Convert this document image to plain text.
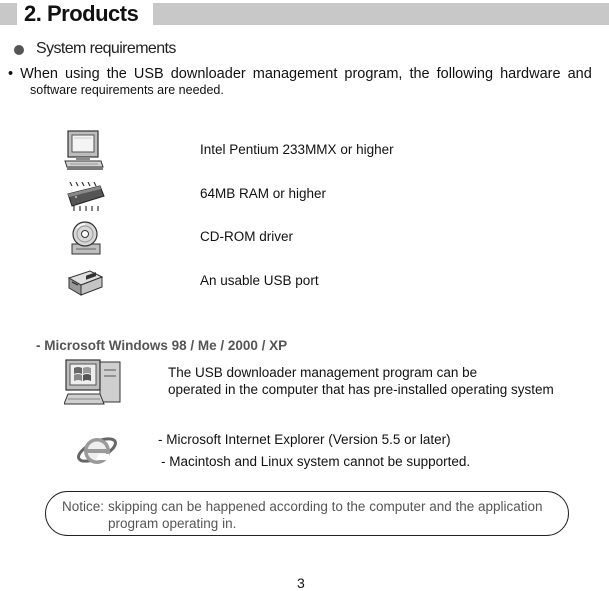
2. Products
System requirements
• When using the USB downloader management program, the following hardware and
software requirements are needed.
Intel Pentium 233MMX or higher
64MB RAM or higher
CD-ROM driver
An usable USB port
- Microsoft Windows 98 / Me / 2000 / XP
The USB downloader management program can be
operated in the computer that has pre-installed operating system
- Microsoft Internet Explorer (Version 5.5 or later)
- Macintosh and Linux system cannot be supported.
Notice: skipping can be happened according to the computer and the application
program operating in.
3
